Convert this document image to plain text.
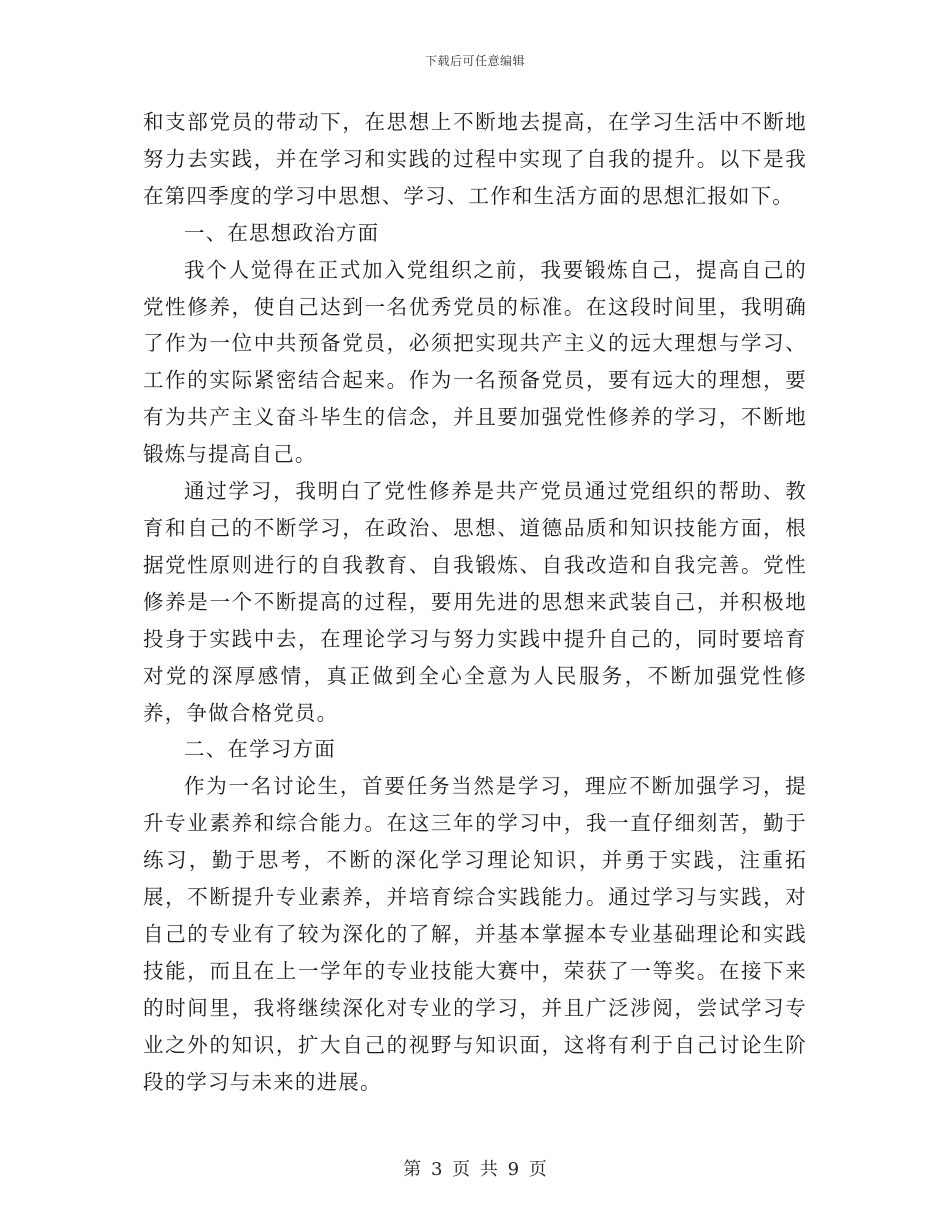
下载后可任意编辑

和支部党员的带动下，在思想上不断地去提高，在学习生活中不断地努力去实践，并在学习和实践的过程中实现了自我的提升。以下是我在第四季度的学习中思想、学习、工作和生活方面的思想汇报如下。

一、在思想政治方面

我个人觉得在正式加入党组织之前，我要锻炼自己，提高自己的党性修养，使自己达到一名优秀党员的标准。在这段时间里，我明确了作为一位中共预备党员，必须把实现共产主义的远大理想与学习、工作的实际紧密结合起来。作为一名预备党员，要有远大的理想，要有为共产主义奋斗毕生的信念，并且要加强党性修养的学习，不断地锻炼与提高自己。

通过学习，我明白了党性修养是共产党员通过党组织的帮助、教育和自己的不断学习，在政治、思想、道德品质和知识技能方面，根据党性原则进行的自我教育、自我锻炼、自我改造和自我完善。党性修养是一个不断提高的过程，要用先进的思想来武装自己，并积极地投身于实践中去，在理论学习与努力实践中提升自己的，同时要培育对党的深厚感情，真正做到全心全意为人民服务，不断加强党性修养，争做合格党员。

二、在学习方面

作为一名讨论生，首要任务当然是学习，理应不断加强学习，提升专业素养和综合能力。在这三年的学习中，我一直仔细刻苦，勤于练习，勤于思考，不断的深化学习理论知识，并勇于实践，注重拓展，不断提升专业素养，并培育综合实践能力。通过学习与实践，对自己的专业有了较为深化的了解，并基本掌握本专业基础理论和实践技能，而且在上一学年的专业技能大赛中，荣获了一等奖。在接下来的时间里，我将继续深化对专业的学习，并且广泛涉阅，尝试学习专业之外的知识，扩大自己的视野与知识面，这将有利于自己讨论生阶段的学习与未来的进展。

第 3 页 共 9 页
